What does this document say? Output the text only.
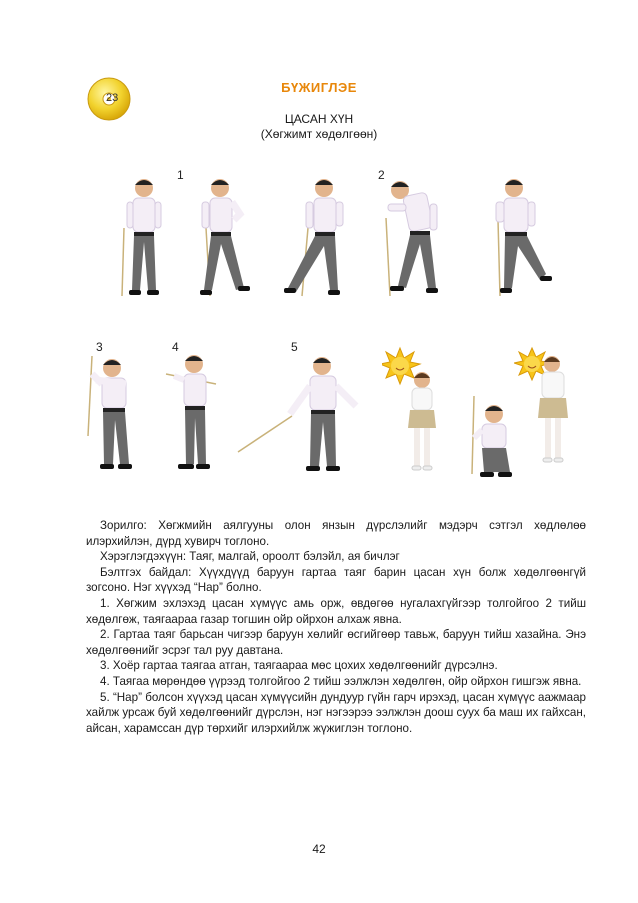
23
БҮЖИГЛЭЕ
ЦАСАН ХҮН
(Хөгжимт хөдөлгөөн)
1	2
3	4	5

Зорилго: Хөгжмийн аялгууны олон янзын дүрслэлийг мэдэрч сэтгэл хөдлөлөө илэрхийлэн, дүрд хувирч тоглоно.

Хэрэглэгдэхүүн: Таяг, малгай, ороолт бэлэйл, ая бичлэг

Бэлтгэх байдал: Хүүхдүүд баруун гартаа таяг барин цасан хүн болж хөдөлгөөнгүй зогсоно. Нэг хүүхэд “Нар” болно.

1. Хөгжим эхлэхэд цасан хүмүүс амь орж, өвдөгөө нугалахгүйгээр толгойгоо 2 тийш хөдөлгөж, таягаараа газар тогшин ойр ойрхон алхаж явна.

2. Гартаа таяг барьсан чигээр баруун хөлийг өсгийгөөр тавьж, баруун тийш хазайна. Энэ хөдөлгөөнийг эсрэг тал руу давтана.

3. Хоёр гартаа таягаа атган, таягаараа мөс цохих хөдөлгөөнийг дүрсэлнэ.

4. Таягаа мөрөндөө үүрээд толгойгоо 2 тийш ээлжлэн хөдөлгөн, ойр ойрхон гишгэж явна.

5. “Нар” болсон хүүхэд цасан хүмүүсийн дундуур гүйн гарч ирэхэд, цасан хүмүүс аажмаар хайлж урсаж буй хөдөлгөөнийг дүрслэн, нэг нэгээрээ ээлжлэн доош суух ба маш их гайхсан, айсан, харамссан дүр төрхийг илэрхийлж жүжиглэн тоглоно.

42
